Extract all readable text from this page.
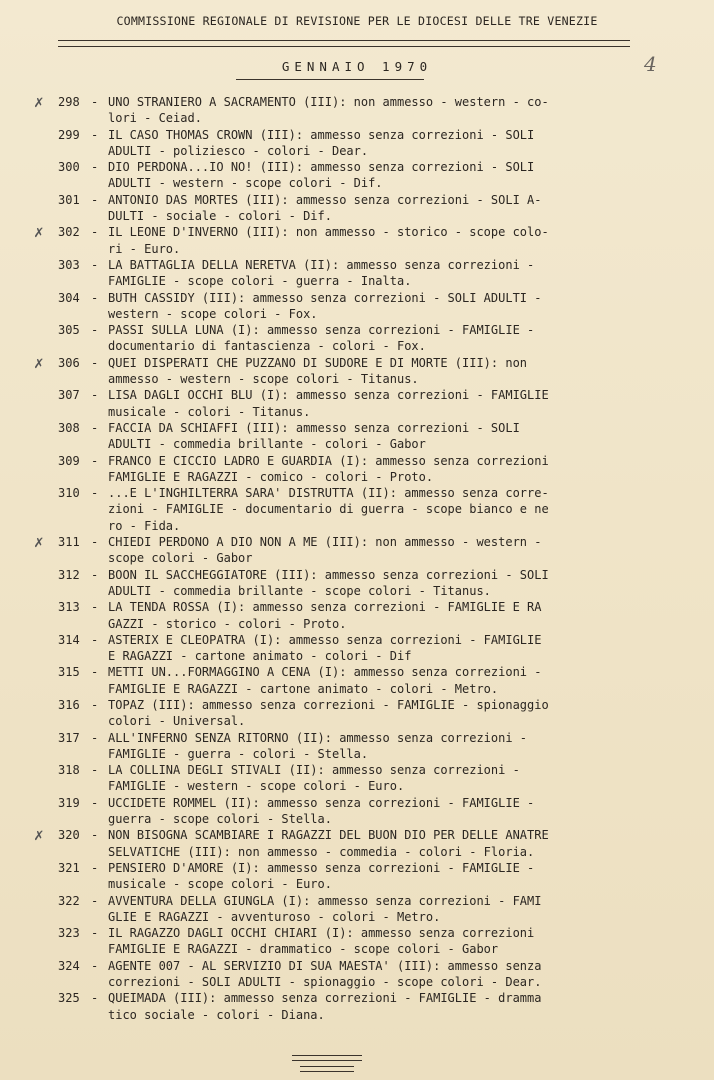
COMMISSIONE REGIONALE DI REVISIONE PER LE DIOCESI DELLE TRE VENEZIE
GENNAIO 1970	4
✗ 298 - UNO STRANIERO A SACRAMENTO (III): non ammesso - western - co-
lori - Ceiad.
299 - IL CASO THOMAS CROWN (III): ammesso senza correzioni - SOLI
ADULTI - poliziesco - colori - Dear.
300 - DIO PERDONA...IO NO! (III): ammesso senza correzioni - SOLI
ADULTI - western - scope colori - Dif.
301 - ANTONIO DAS MORTES (III): ammesso senza correzioni - SOLI A-
DULTI - sociale - colori - Dif.
✗ 302 - IL LEONE D'INVERNO (III): non ammesso - storico - scope colo-
ri - Euro.
303 - LA BATTAGLIA DELLA NERETVA (II): ammesso senza correzioni -
FAMIGLIE - scope colori - guerra - Inalta.
304 - BUTH CASSIDY (III): ammesso senza correzioni - SOLI ADULTI -
western - scope colori - Fox.
305 - PASSI SULLA LUNA (I): ammesso senza correzioni - FAMIGLIE -
documentario di fantascienza - colori - Fox.
✗ 306 - QUEI DISPERATI CHE PUZZANO DI SUDORE E DI MORTE (III): non
ammesso - western - scope colori - Titanus.
307 - LISA DAGLI OCCHI BLU (I): ammesso senza correzioni - FAMIGLIE
musicale - colori - Titanus.
308 - FACCIA DA SCHIAFFI (III): ammesso senza correzioni - SOLI
ADULTI - commedia brillante - colori - Gabor
309 - FRANCO E CICCIO LADRO E GUARDIA (I): ammesso senza correzioni
FAMIGLIE E RAGAZZI - comico - colori - Proto.
310 - ...E L'INGHILTERRA SARA' DISTRUTTA (II): ammesso senza corre-
zioni - FAMIGLIE - documentario di guerra - scope bianco e ne
ro - Fida.
✗ 311 - CHIEDI PERDONO A DIO NON A ME (III): non ammesso - western -
scope colori - Gabor
312 - BOON IL SACCHEGGIATORE (III): ammesso senza correzioni - SOLI
ADULTI - commedia brillante - scope colori - Titanus.
313 - LA TENDA ROSSA (I): ammesso senza correzioni - FAMIGLIE E RA
GAZZI - storico - colori - Proto.
314 - ASTERIX E CLEOPATRA (I): ammesso senza correzioni - FAMIGLIE
E RAGAZZI - cartone animato - colori - Dif
315 - METTI UN...FORMAGGINO A CENA (I): ammesso senza correzioni -
FAMIGLIE E RAGAZZI - cartone animato - colori - Metro.
316 - TOPAZ (III): ammesso senza correzioni - FAMIGLIE - spionaggio
colori - Universal.
317 - ALL'INFERNO SENZA RITORNO (II): ammesso senza correzioni -
FAMIGLIE - guerra - colori - Stella.
318 - LA COLLINA DEGLI STIVALI (II): ammesso senza correzioni -
FAMIGLIE - western - scope colori - Euro.
319 - UCCIDETE ROMMEL (II): ammesso senza correzioni - FAMIGLIE -
guerra - scope colori - Stella.
✗ 320 - NON BISOGNA SCAMBIARE I RAGAZZI DEL BUON DIO PER DELLE ANATRE
SELVATICHE (III): non ammesso - commedia - colori - Floria.
321 - PENSIERO D'AMORE (I): ammesso senza correzioni - FAMIGLIE -
musicale - scope colori - Euro.
322 - AVVENTURA DELLA GIUNGLA (I): ammesso senza correzioni - FAMI
GLIE E RAGAZZI - avventuroso - colori - Metro.
323 - IL RAGAZZO DAGLI OCCHI CHIARI (I): ammesso senza correzioni
FAMIGLIE E RAGAZZI - drammatico - scope colori - Gabor
324 - AGENTE 007 - AL SERVIZIO DI SUA MAESTA' (III): ammesso senza
correzioni - SOLI ADULTI - spionaggio - scope colori - Dear.
325 - QUEIMADA (III): ammesso senza correzioni - FAMIGLIE - dramma
tico sociale - colori - Diana.
